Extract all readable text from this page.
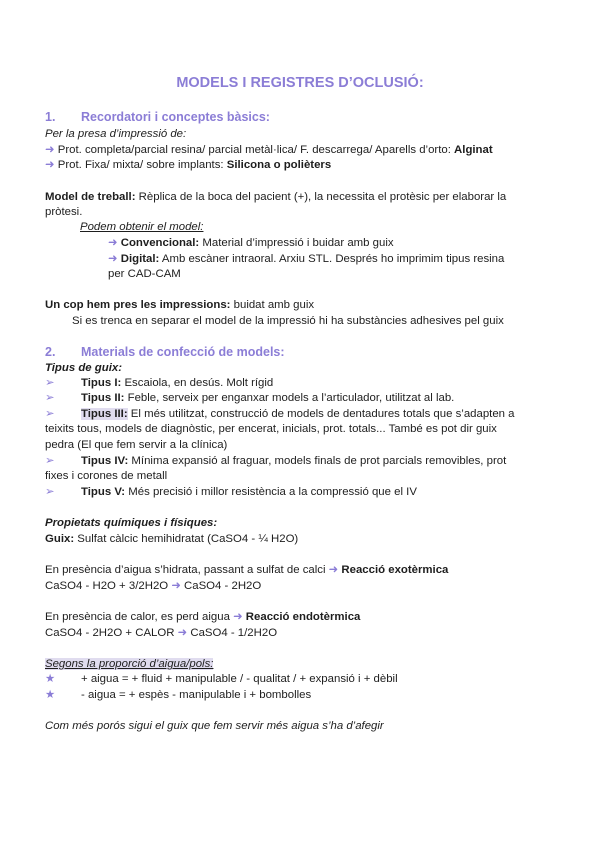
MODELS I REGISTRES D’OCLUSIÓ:
1. Recordatori i conceptes bàsics:
Per la presa d’impressió de:
➜ Prot. completa/parcial resina/ parcial metàl·lica/ F. descarrega/ Aparells d’orto: Alginat
➜ Prot. Fixa/ mixta/ sobre implants: Silicona o polièters
Model de treball: Rèplica de la boca del pacient (+), la necessita el protèsic per elaborar la
pròtesi.
Podem obtenir el model:
➜ Convencional: Material d’impressió i buidar amb guix
➜ Digital: Amb escàner intraoral. Arxiu STL. Després ho imprimim tipus resina
per CAD-CAM
Un cop hem pres les impressions: buidat amb guix
Si es trenca en separar el model de la impressió hi ha substàncies adhesives pel guix
2. Materials de confecció de models:
Tipus de guix:
➢ Tipus I: Escaiola, en desús. Molt rígid
➢ Tipus II: Feble, serveix per enganxar models a l’articulador, utilitzat al lab.
➢ Tipus III: El més utilitzat, construcció de models de dentadures totals que s’adapten a
teixits tous, models de diagnòstic, per encerat, inicials, prot. totals... També es pot dir guix
pedra (El que fem servir a la clínica)
➢ Tipus IV: Mínima expansió al fraguar, models finals de prot parcials removibles, prot
fixes i corones de metall
➢ Tipus V: Més precisió i millor resistència a la compressió que el IV
Propietats químiques i físiques:
Guix: Sulfat càlcic hemihidratat (CaSO4 - ¼ H2O)
En presència d’aigua s’hidrata, passant a sulfat de calci ➜ Reacció exotèrmica
CaSO4 - H2O + 3/2H2O ➜ CaSO4 - 2H2O
En presència de calor, es perd aigua ➜ Reacció endotèrmica
CaSO4 - 2H2O + CALOR ➜ CaSO4 - 1/2H2O
Segons la proporció d’aigua/pols:
★ + aigua = + fluid + manipulable / - qualitat / + expansió i + dèbil
★ - aigua = + espès - manipulable i + bombolles
Com més porós sigui el guix que fem servir més aigua s’ha d’afegir
